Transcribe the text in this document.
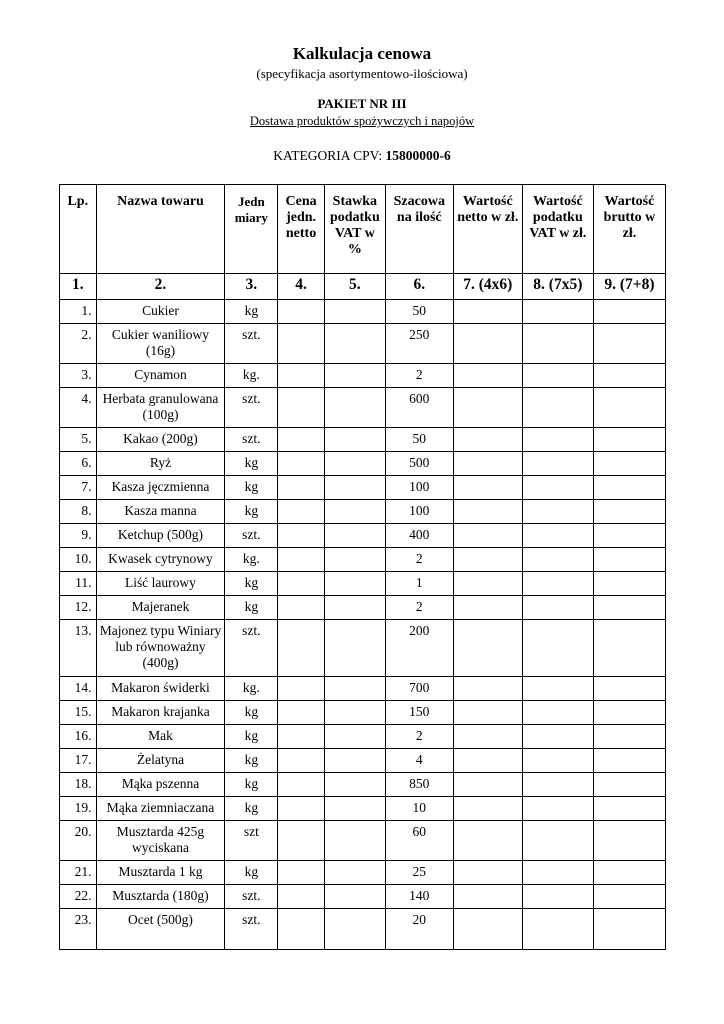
Kalkulacja cenowa
(specyfikacja asortymentowo-ilościowa)
PAKIET NR III
Dostawa produktów spożywczych i napojów
KATEGORIA CPV: 15800000-6
Lp.	Nazwa towaru	Jedn miary	Cena jedn. netto	Stawka podatku VAT w %	Szacowa na ilość	Wartość netto w zł.	Wartość podatku VAT w zł.	Wartość brutto w zł.
1.	2.	3.	4.	5.	6.	7. (4x6)	8. (7x5)	9. (7+8)
1.	Cukier	kg			50			
2.	Cukier waniliowy (16g)	szt.			250			
3.	Cynamon	kg.			2			
4.	Herbata granulowana (100g)	szt.			600			
5.	Kakao (200g)	szt.			50			
6.	Ryż	kg			500			
7.	Kasza jęczmienna	kg			100			
8.	Kasza manna	kg			100			
9.	Ketchup (500g)	szt.			400			
10.	Kwasek cytrynowy	kg.			2			
11.	Liść laurowy	kg			1			
12.	Majeranek	kg			2			
13.	Majonez typu Winiary lub równoważny (400g)	szt.			200			
14.	Makaron świderki	kg.			700			
15.	Makaron krajanka	kg			150			
16.	Mak	kg			2			
17.	Żelatyna	kg			4			
18.	Mąka pszenna	kg			850			
19.	Mąka ziemniaczana	kg			10			
20.	Musztarda 425g wyciskana	szt			60			
21.	Musztarda 1 kg	kg			25			
22.	Musztarda (180g)	szt.			140			
23.	Ocet (500g)	szt.			20			
